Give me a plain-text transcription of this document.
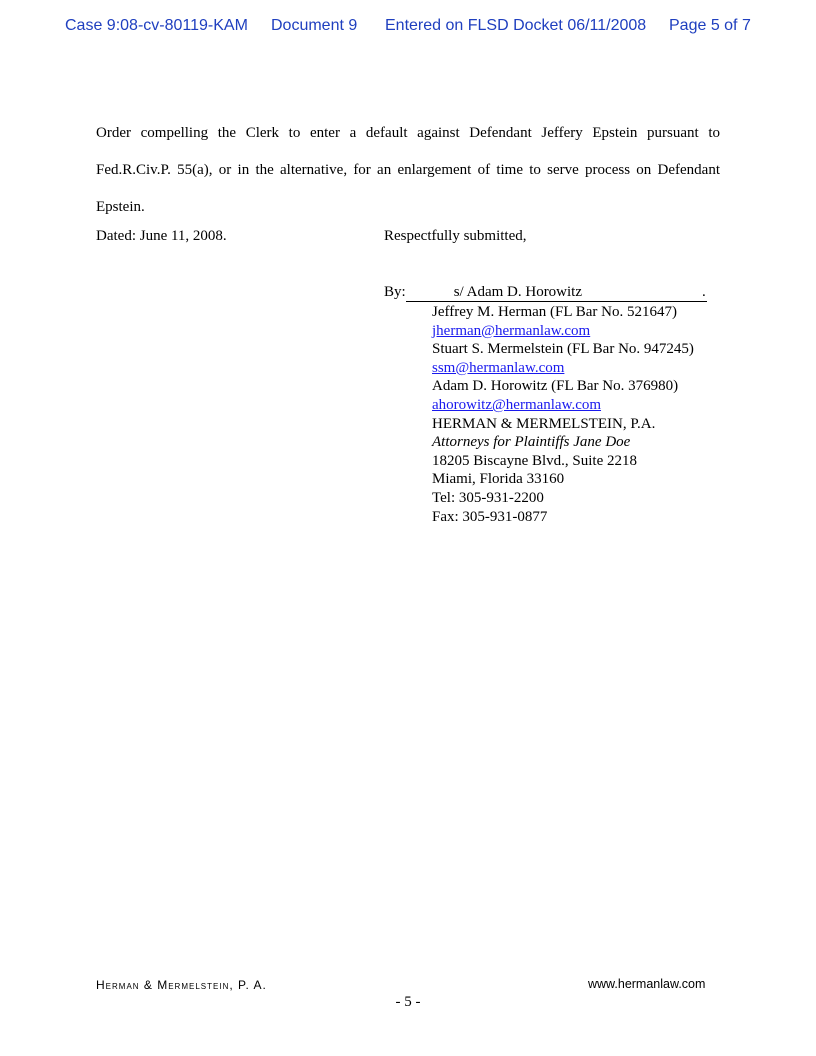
Case 9:08-cv-80119-KAM Document 9 Entered on FLSD Docket 06/11/2008 Page 5 of 7
Order compelling the Clerk to enter a default against Defendant Jeffery Epstein pursuant to
Fed.R.Civ.P. 55(a), or in the alternative, for an enlargement of time to serve process on Defendant
Epstein.
Dated: June 11, 2008.	Respectfully submitted,
By:	s/ Adam D. Horowitz	.
Jeffrey M. Herman (FL Bar No. 521647)
jherman@hermanlaw.com
Stuart S. Mermelstein (FL Bar No. 947245)
ssm@hermanlaw.com
Adam D. Horowitz (FL Bar No. 376980)
ahorowitz@hermanlaw.com
HERMAN & MERMELSTEIN, P.A.
Attorneys for Plaintiffs Jane Doe
18205 Biscayne Blvd., Suite 2218
Miami, Florida 33160
Tel: 305-931-2200
Fax: 305-931-0877
Herman & Mermelstein, P. A.	www.hermanlaw.com
- 5 -
